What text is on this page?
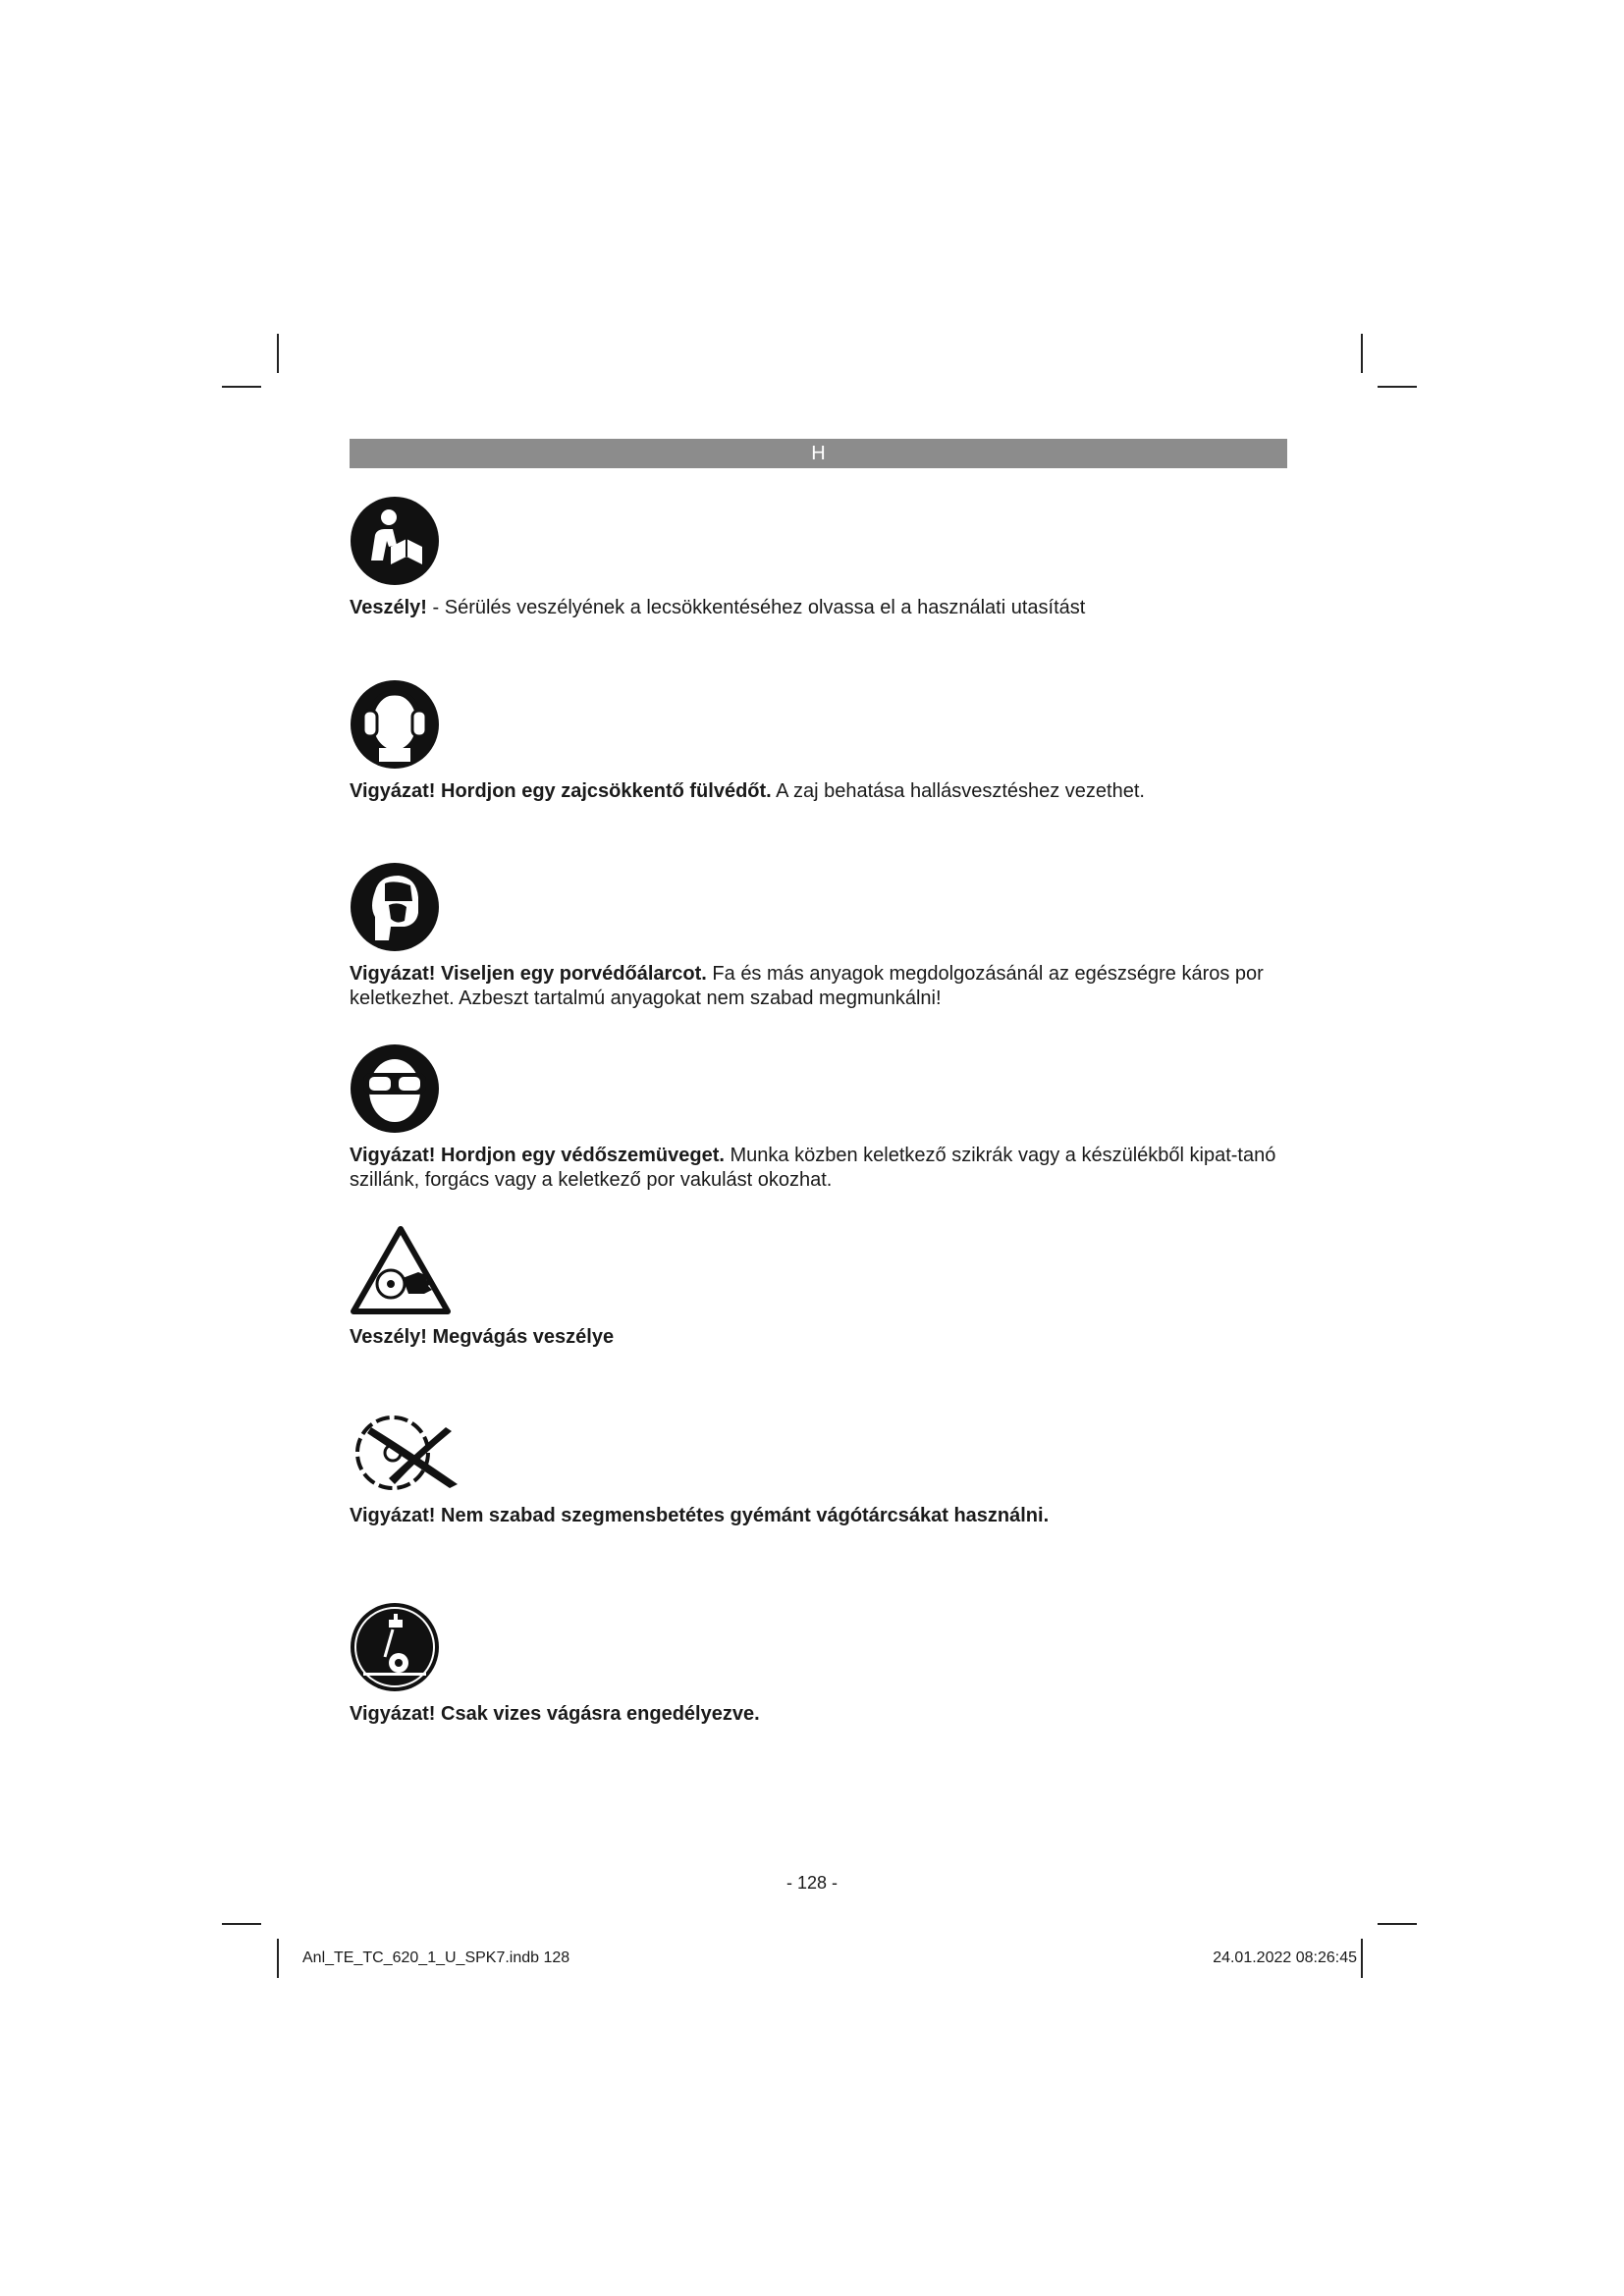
H

Veszély! - Sérülés veszélyének a lecsökkentéséhez olvassa el a használati utasítást

Vigyázat! Hordjon egy zajcsökkentő fülvédőt. A zaj behatása hallásvesztéshez vezethet.

Vigyázat! Viseljen egy porvédőálarcot. Fa és más anyagok megdolgozásánál az egészségre káros por keletkezhet. Azbeszt tartalmú anyagokat nem szabad megmunkálni!

Vigyázat! Hordjon egy védőszemüveget. Munka közben keletkező szikrák vagy a készülékből kipat-tanó szillánk, forgács vagy a keletkező por vakulást okozhat.

Veszély! Megvágás veszélye

Vigyázat! Nem szabad szegmensbetétes gyémánt vágótárcsákat használni.

Vigyázat! Csak vizes vágásra engedélyezve.

- 128 -
Anl_TE_TC_620_1_U_SPK7.indb 128	24.01.2022 08:26:45
